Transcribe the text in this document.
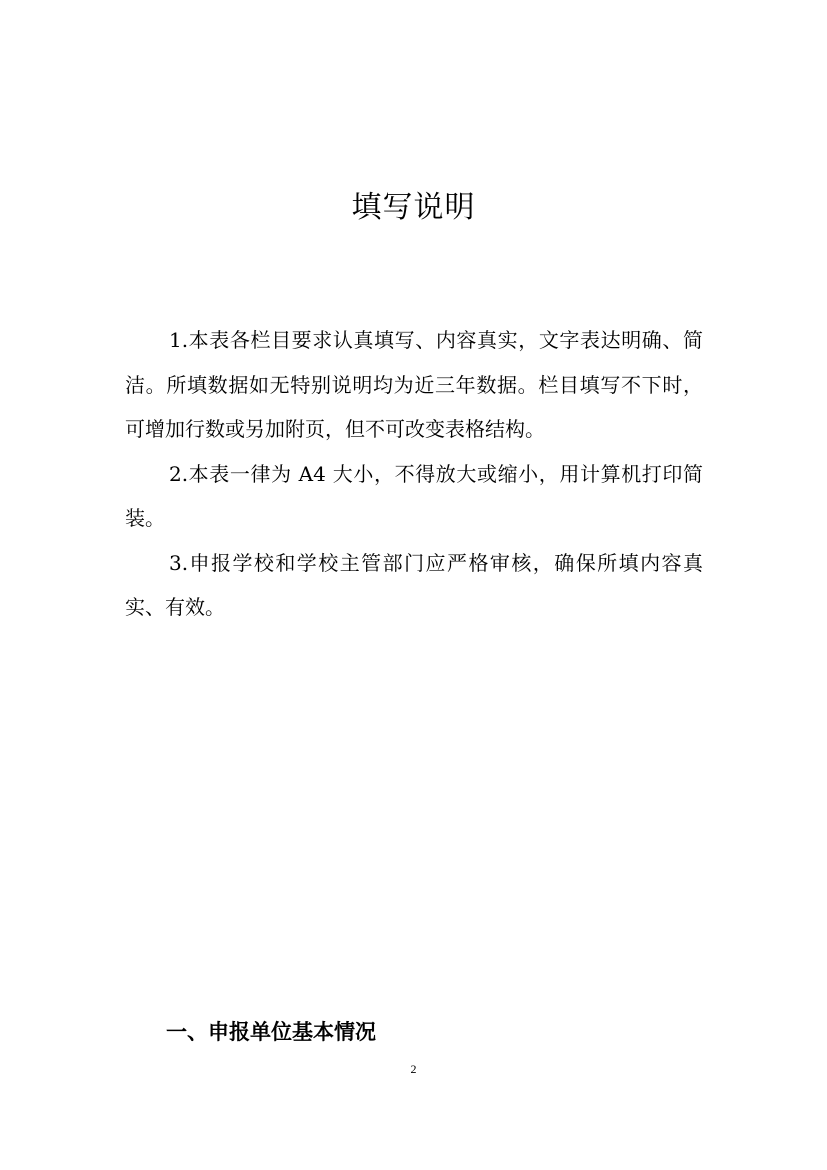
填写说明

1.本表各栏目要求认真填写、内容真实，文字表达明确、简洁。所填数据如无特别说明均为近三年数据。栏目填写不下时，可增加行数或另加附页，但不可改变表格结构。

2.本表一律为 A4 大小，不得放大或缩小，用计算机打印简装。

3.申报学校和学校主管部门应严格审核，确保所填内容真实、有效。

一、申报单位基本情况
2
